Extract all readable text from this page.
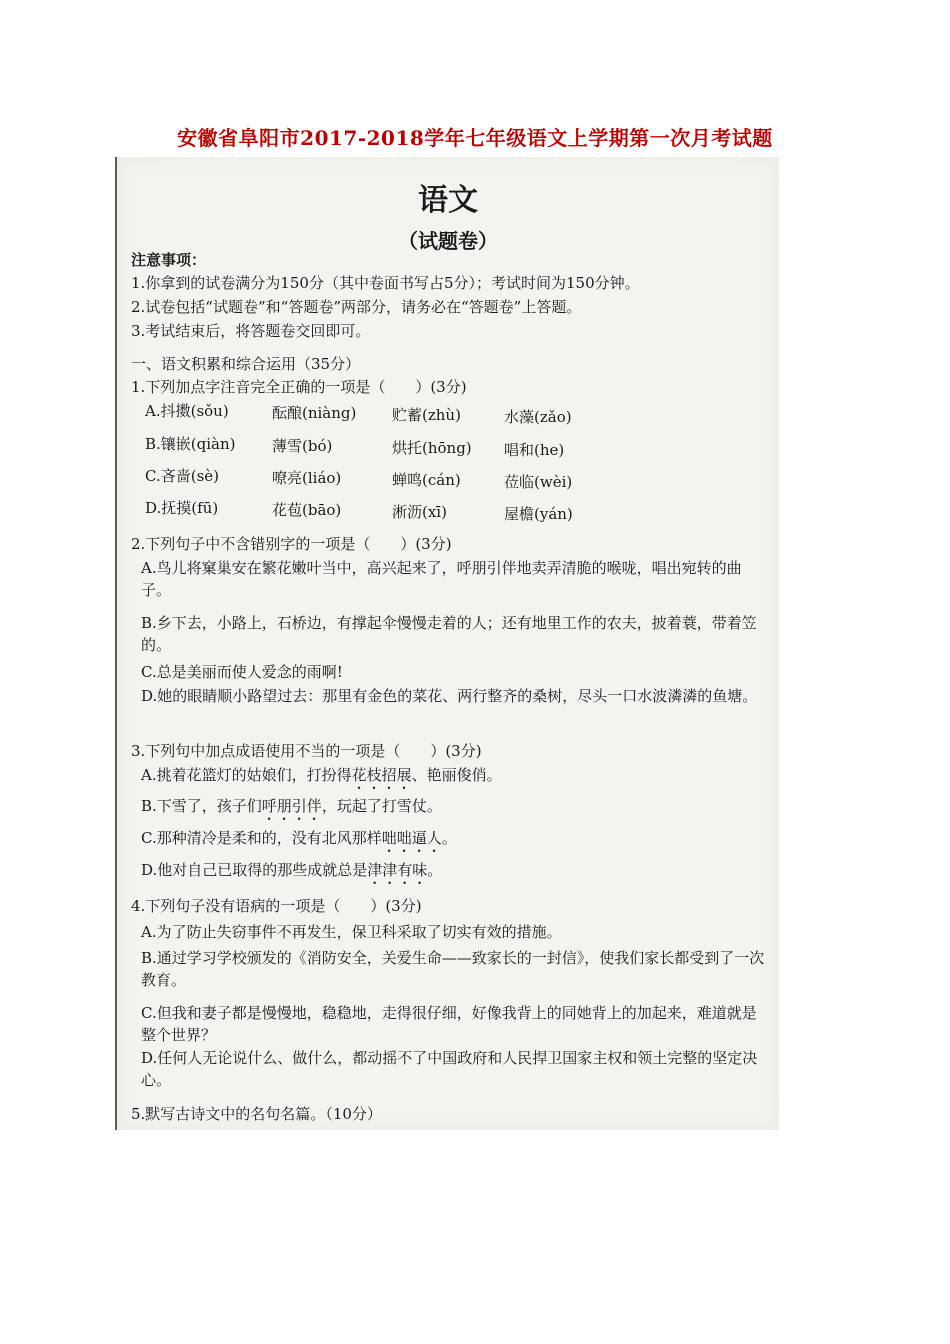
安徽省阜阳市2017-2018学年七年级语文上学期第一次月考试题

语文
（试题卷）
注意事项：
1.你拿到的试卷满分为150分（其中卷面书写占5分）；考试时间为150分钟。
2.试卷包括“试题卷”和“答题卷”两部分，请务必在“答题卷”上答题。
3.考试结束后，将答题卷交回即可。
一、语文积累和综合运用（35分）
1.下列加点字注音完全正确的一项是（　　）(3分)
A.抖擞(sǒu)	酝酿(niàng) 贮蓄(zhù)	水藻(zǎo)
B.镶嵌(qiàn) 薄雪(bó)	烘托(hōng) 唱和(he)
C.吝啬(sè)	嘹亮(liáo)	蝉鸣(cán)	莅临(wèi)
D.抚摸(fū)	花苞(bāo)	淅沥(xī)	屋檐(yán)
2.下列句子中不含错别字的一项是（　　）(3分)
A.鸟儿将窠巢安在繁花嫩叶当中，高兴起来了，呼朋引伴地卖弄清脆的喉咙，唱出宛转的曲子。
B.乡下去，小路上，石桥边，有撑起伞慢慢走着的人；还有地里工作的农夫，披着蓑，带着笠的。
C.总是美丽而使人爱念的雨啊!
D.她的眼睛顺小路望过去：那里有金色的菜花、两行整齐的桑树，尽头一口水波潾潾的鱼塘。
3.下列句中加点成语使用不当的一项是（　　）(3分)
A.挑着花篮灯的姑娘们，打扮得花枝招展、艳丽俊俏。
B.下雪了，孩子们呼朋引伴，玩起了打雪仗。
C.那种清冷是柔和的，没有北风那样咄咄逼人。
D.他对自己已取得的那些成就总是津津有味。
4.下列句子没有语病的一项是（　　）(3分)
A.为了防止失窃事件不再发生，保卫科采取了切实有效的措施。
B.通过学习学校颁发的《消防安全，关爱生命——致家长的一封信》，使我们家长都受到了一次教育。
C.但我和妻子都是慢慢地，稳稳地，走得很仔细，好像我背上的同她背上的加起来，难道就是整个世界？
D.任何人无论说什么、做什么，都动摇不了中国政府和人民捍卫国家主权和领土完整的坚定决心。
5.默写古诗文中的名句名篇。（10分）
